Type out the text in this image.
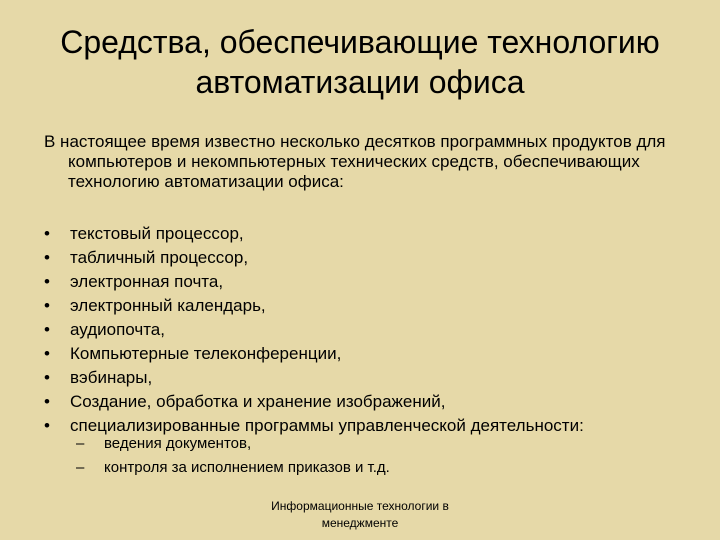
Средства, обеспечивающие технологию автоматизации офиса
В настоящее время известно несколько десятков программных продуктов для компьютеров и некомпьютерных технических средств, обеспечивающих технологию автоматизации офиса:
• текстовый процессор,
• табличный процессор,
• электронная почта,
• электронный календарь,
• аудиопочта,
• Компьютерные телеконференции,
• вэбинары,
• Создание, обработка и хранение изображений,
• специализированные программы управленческой деятельности:
– ведения документов,
– контроля за исполнением приказов и т.д.
Информационные технологии в менеджменте
